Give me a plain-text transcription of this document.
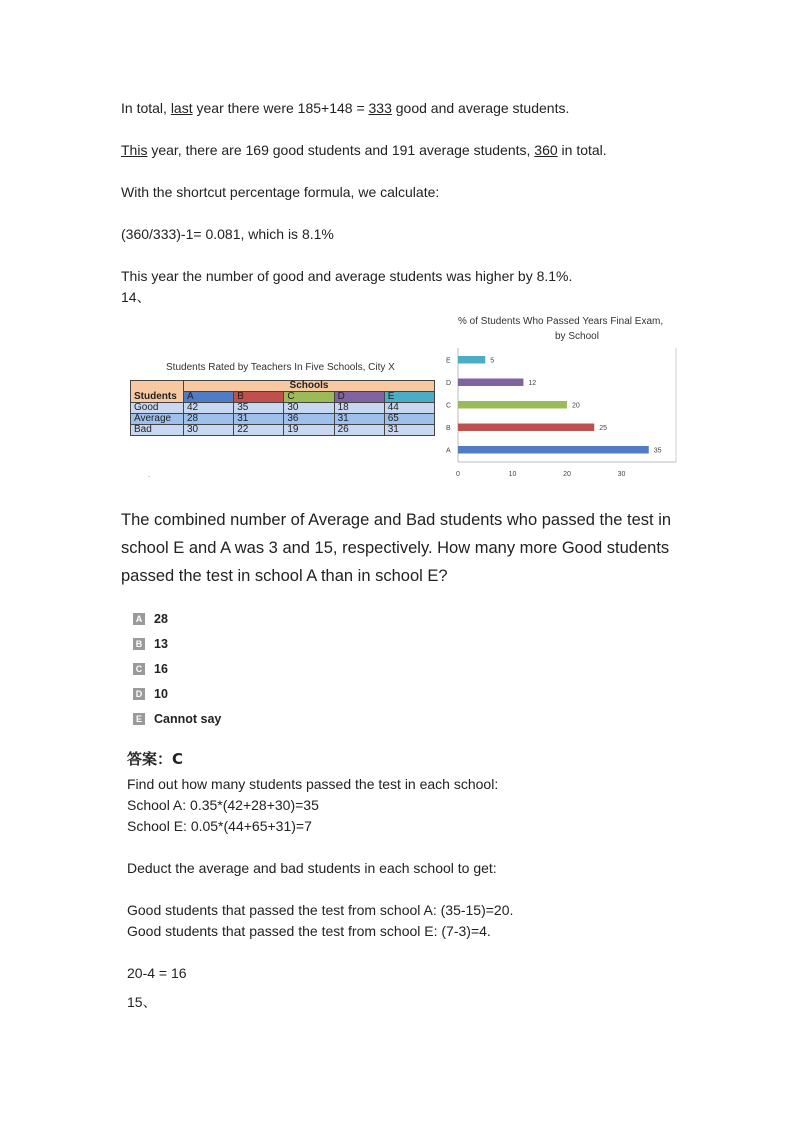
In total, last year there were 185+148 = 333 good and average students.
This year, there are 169 good students and 191 average students, 360 in total.
With the shortcut percentage formula, we calculate:
(360/333)-1= 0.081, which is 8.1%
This year the number of good and average students was higher by 8.1%.
14、
Students Rated by Teachers In Five Schools, City X
Students	Schools				
	A	B	C	D	E
Good	42	35	30	18	44
Average	28	31	36	31	65
Bad	30	22	19	26	31
.
% of Students Who Passed Years Final Exam,
by School
E	5
D	12
C	20
B	25
A	35
0	10	20	30
The combined number of Average and Bad students who passed the test in school E and A was 3 and 15, respectively. How many more Good students passed the test in school A than in school E?
A 28
B 13
C 16
D 10
E Cannot say
答案：C
Find out how many students passed the test in each school:
School A: 0.35*(42+28+30)=35
School E: 0.05*(44+65+31)=7
Deduct the average and bad students in each school to get:
Good students that passed the test from school A: (35-15)=20.
Good students that passed the test from school E: (7-3)=4.
20-4 = 16
15、
